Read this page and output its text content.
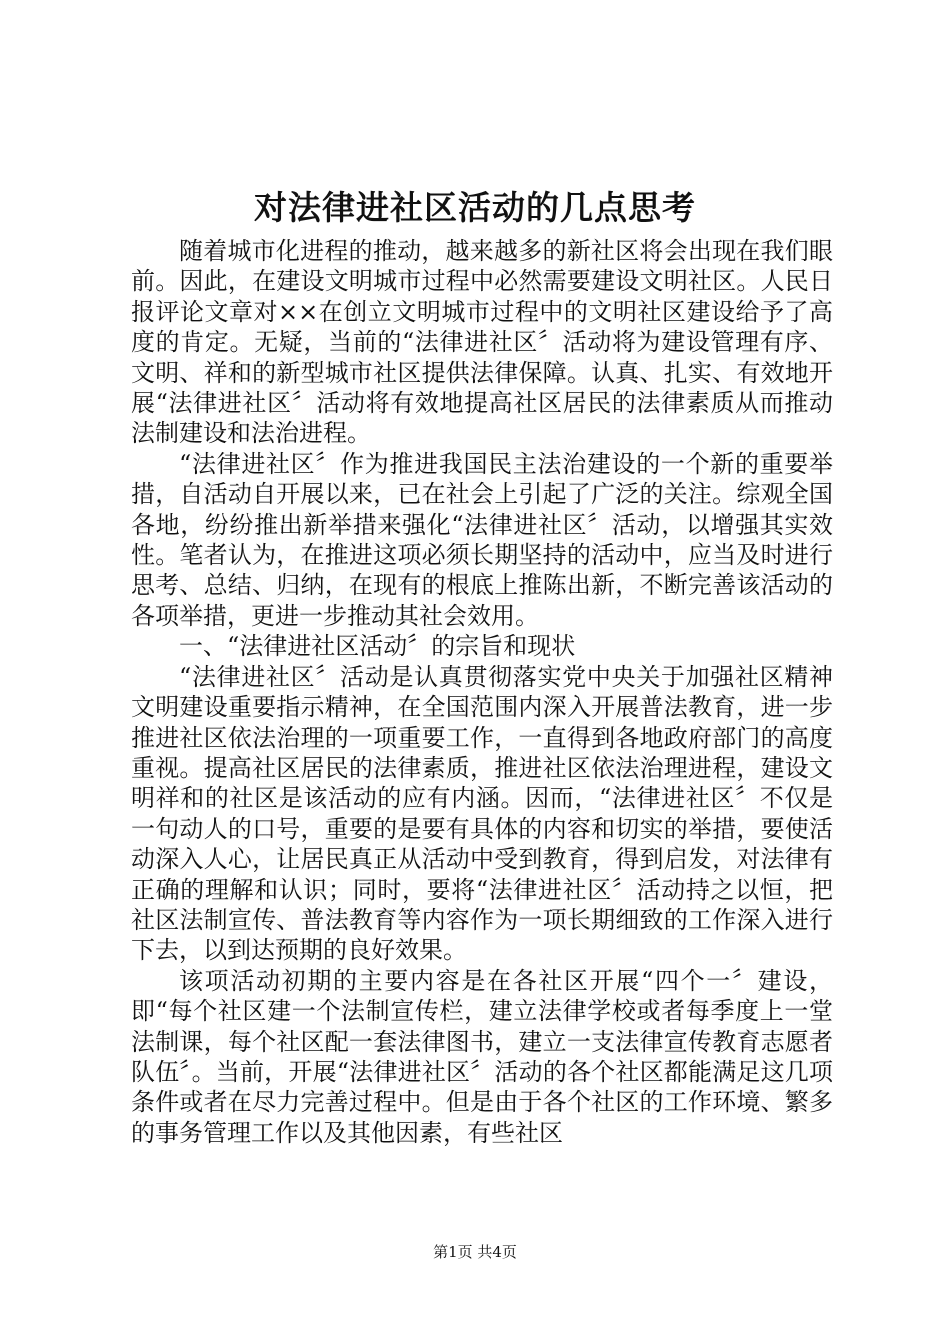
对法律进社区活动的几点思考

随着城市化进程的推动，越来越多的新社区将会出现在我们眼前。因此，在建设文明城市过程中必然需要建设文明社区。人民日报评论文章对××在创立文明城市过程中的文明社区建设给予了高度的肯定。无疑，当前的“法律进社区〞活动将为建设管理有序、文明、祥和的新型城市社区提供法律保障。认真、扎实、有效地开展“法律进社区〞活动将有效地提高社区居民的法律素质从而推动法制建设和法治进程。

“法律进社区〞作为推进我国民主法治建设的一个新的重要举措，自活动自开展以来，已在社会上引起了广泛的关注。综观全国各地，纷纷推出新举措来强化“法律进社区〞活动，以增强其实效性。笔者认为，在推进这项必须长期坚持的活动中，应当及时进行思考、总结、归纳，在现有的根底上推陈出新，不断完善该活动的各项举措，更进一步推动其社会效用。

一、“法律进社区活动〞的宗旨和现状

“法律进社区〞活动是认真贯彻落实党中央关于加强社区精神文明建设重要指示精神，在全国范围内深入开展普法教育，进一步推进社区依法治理的一项重要工作，一直得到各地政府部门的高度重视。提高社区居民的法律素质，推进社区依法治理进程，建设文明祥和的社区是该活动的应有内涵。因而，“法律进社区〞不仅是一句动人的口号，重要的是要有具体的内容和切实的举措，要使活动深入人心，让居民真正从活动中受到教育，得到启发，对法律有正确的理解和认识；同时，要将“法律进社区〞活动持之以恒，把社区法制宣传、普法教育等内容作为一项长期细致的工作深入进行下去，以到达预期的良好效果。

该项活动初期的主要内容是在各社区开展“四个一〞建设，即“每个社区建一个法制宣传栏，建立法律学校或者每季度上一堂法制课，每个社区配一套法律图书，建立一支法律宣传教育志愿者队伍〞。当前，开展“法律进社区〞活动的各个社区都能满足这几项条件或者在尽力完善过程中。但是由于各个社区的工作环境、繁多的事务管理工作以及其他因素，有些社区

第1页 共4页
